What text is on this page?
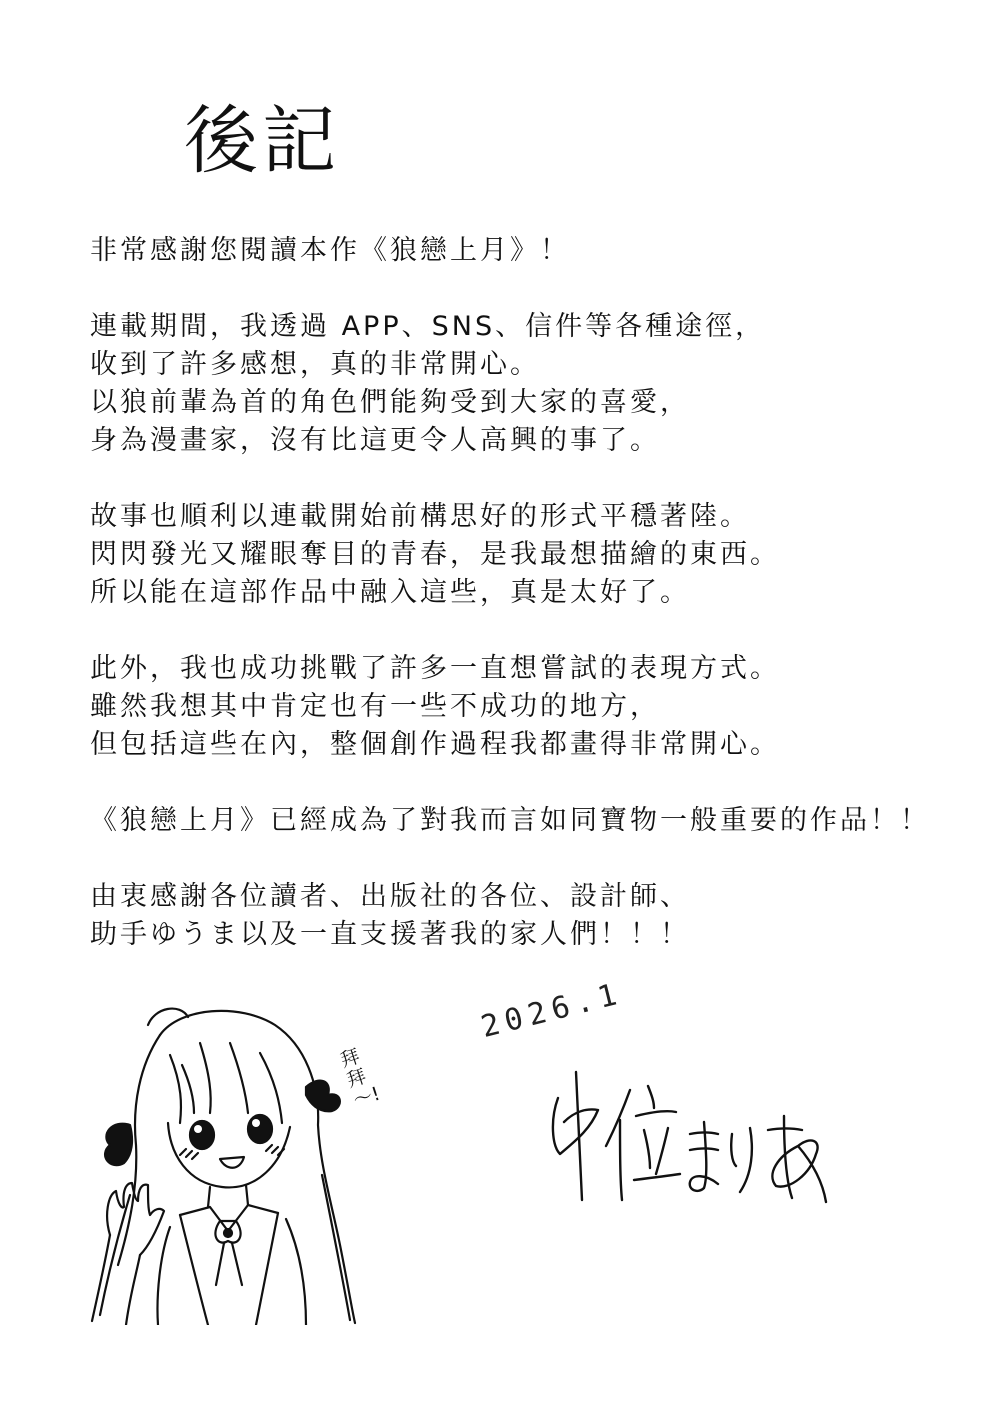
後記
非常感謝您閱讀本作《狼戀上月》！
連載期間，我透過 APP、SNS、信件等各種途徑，
收到了許多感想，真的非常開心。
以狼前輩為首的角色們能夠受到大家的喜愛，
身為漫畫家，沒有比這更令人高興的事了。
故事也順利以連載開始前構思好的形式平穩著陸。
閃閃發光又耀眼奪目的青春，是我最想描繪的東西。
所以能在這部作品中融入這些，真是太好了。
此外，我也成功挑戰了許多一直想嘗試的表現方式。
雖然我想其中肯定也有一些不成功的地方，
但包括這些在內，整個創作過程我都畫得非常開心。
《狼戀上月》已經成為了對我而言如同寶物一般重要的作品！！
由衷感謝各位讀者、出版社的各位、設計師、
助手ゆうま以及一直支援著我的家人們！！！
拜拜～!
2026.1
